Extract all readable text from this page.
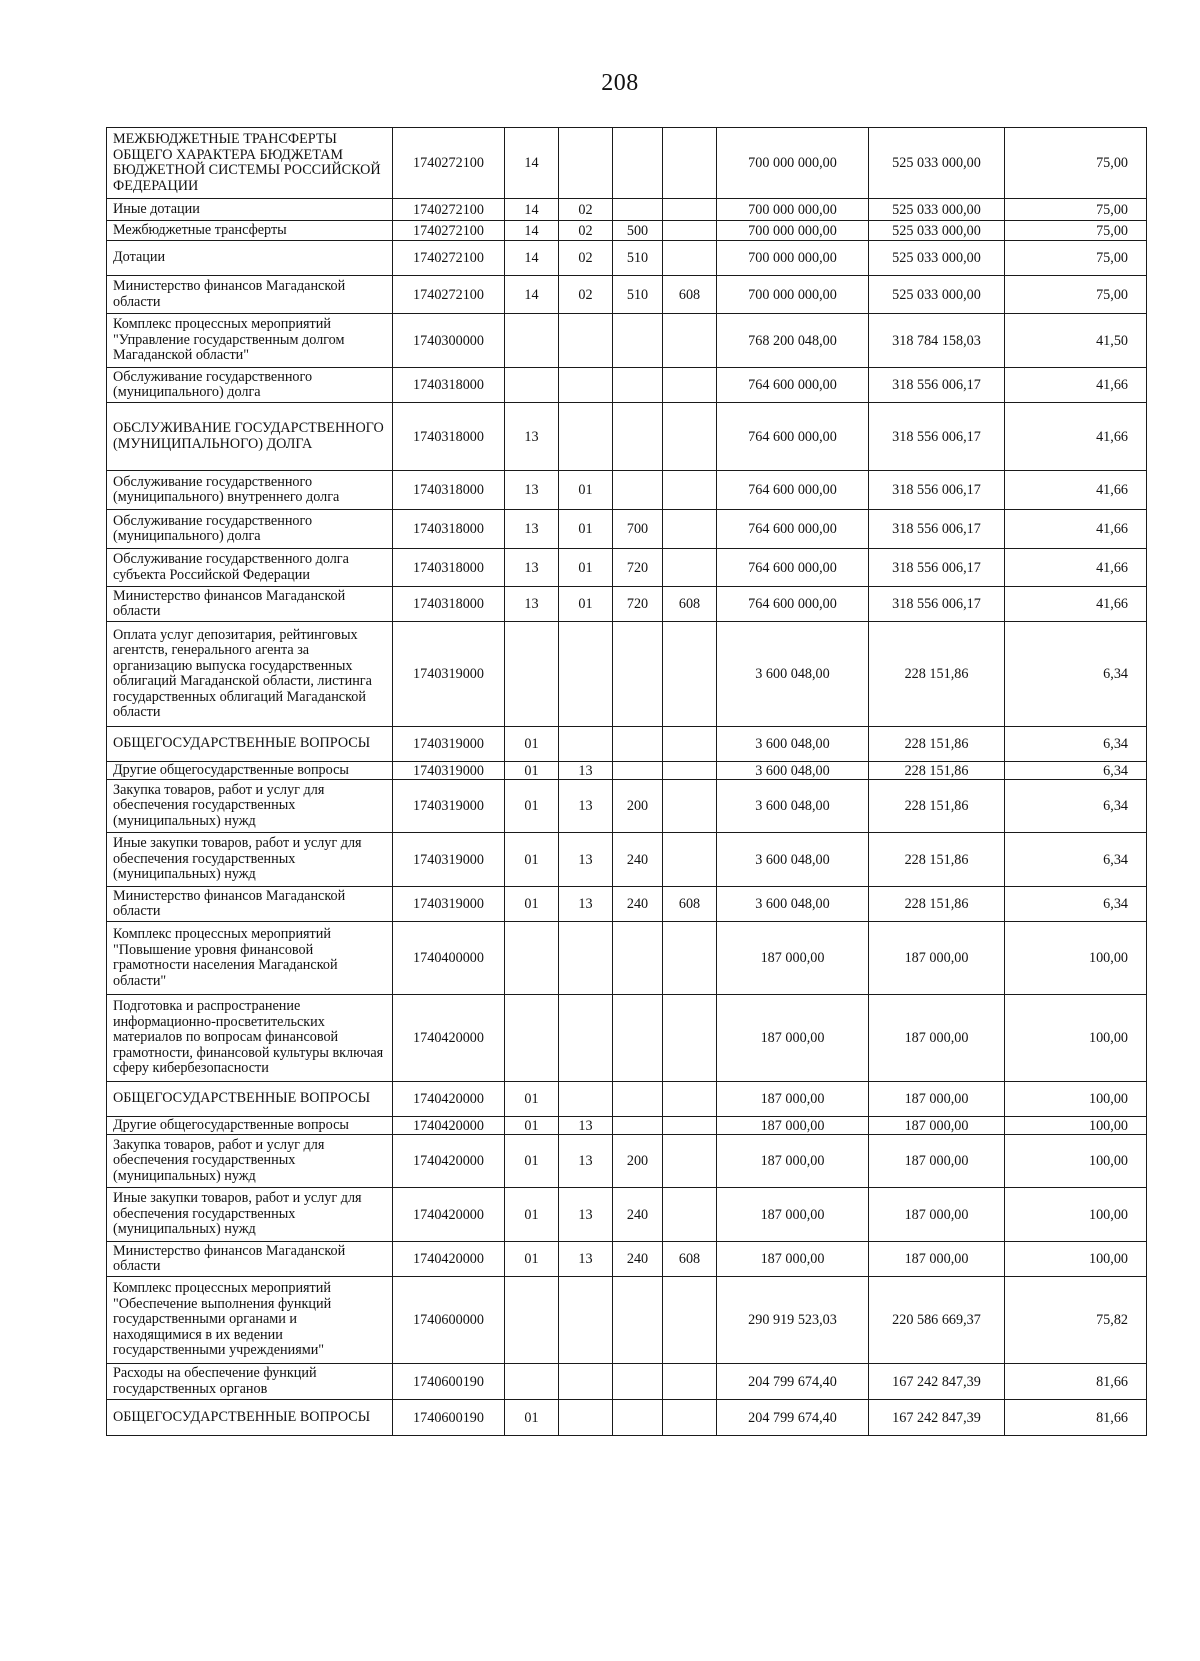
208
МЕЖБЮДЖЕТНЫЕ ТРАНСФЕРТЫ ОБЩЕГО ХАРАКТЕРА БЮДЖЕТАМ БЮДЖЕТНОЙ СИСТЕМЫ РОССИЙСКОЙ ФЕДЕРАЦИИ	1740272100	14				700 000 000,00	525 033 000,00	75,00
Иные дотации	1740272100	14	02			700 000 000,00	525 033 000,00	75,00
Межбюджетные трансферты	1740272100	14	02	500		700 000 000,00	525 033 000,00	75,00
Дотации	1740272100	14	02	510		700 000 000,00	525 033 000,00	75,00
Министерство финансов Магаданской области	1740272100	14	02	510	608	700 000 000,00	525 033 000,00	75,00
Комплекс процессных мероприятий "Управление государственным долгом Магаданской области"	1740300000					768 200 048,00	318 784 158,03	41,50
Обслуживание государственного (муниципального) долга	1740318000					764 600 000,00	318 556 006,17	41,66
ОБСЛУЖИВАНИЕ ГОСУДАРСТВЕННОГО (МУНИЦИПАЛЬНОГО) ДОЛГА	1740318000	13				764 600 000,00	318 556 006,17	41,66
Обслуживание государственного (муниципального) внутреннего долга	1740318000	13	01			764 600 000,00	318 556 006,17	41,66
Обслуживание государственного (муниципального) долга	1740318000	13	01	700		764 600 000,00	318 556 006,17	41,66
Обслуживание государственного долга субъекта Российской Федерации	1740318000	13	01	720		764 600 000,00	318 556 006,17	41,66
Министерство финансов Магаданской области	1740318000	13	01	720	608	764 600 000,00	318 556 006,17	41,66
Оплата услуг депозитария, рейтинговых агентств, генерального агента за организацию выпуска государственных облигаций Магаданской области, листинга государственных облигаций Магаданской области	1740319000					3 600 048,00	228 151,86	6,34
ОБЩЕГОСУДАРСТВЕННЫЕ ВОПРОСЫ	1740319000	01				3 600 048,00	228 151,86	6,34
Другие общегосударственные вопросы	1740319000	01	13			3 600 048,00	228 151,86	6,34
Закупка товаров, работ и услуг для обеспечения государственных (муниципальных) нужд	1740319000	01	13	200		3 600 048,00	228 151,86	6,34
Иные закупки товаров, работ и услуг для обеспечения государственных (муниципальных) нужд	1740319000	01	13	240		3 600 048,00	228 151,86	6,34
Министерство финансов Магаданской области	1740319000	01	13	240	608	3 600 048,00	228 151,86	6,34
Комплекс процессных мероприятий "Повышение уровня финансовой грамотности населения Магаданской области"	1740400000					187 000,00	187 000,00	100,00
Подготовка и распространение информационно-просветительских материалов по вопросам финансовой грамотности, финансовой культуры включая сферу кибербезопасности	1740420000					187 000,00	187 000,00	100,00
ОБЩЕГОСУДАРСТВЕННЫЕ ВОПРОСЫ	1740420000	01				187 000,00	187 000,00	100,00
Другие общегосударственные вопросы	1740420000	01	13			187 000,00	187 000,00	100,00
Закупка товаров, работ и услуг для обеспечения государственных (муниципальных) нужд	1740420000	01	13	200		187 000,00	187 000,00	100,00
Иные закупки товаров, работ и услуг для обеспечения государственных (муниципальных) нужд	1740420000	01	13	240		187 000,00	187 000,00	100,00
Министерство финансов Магаданской области	1740420000	01	13	240	608	187 000,00	187 000,00	100,00
Комплекс процессных мероприятий "Обеспечение выполнения функций государственными органами и находящимися в их ведении государственными учреждениями"	1740600000					290 919 523,03	220 586 669,37	75,82
Расходы на обеспечение функций государственных органов	1740600190					204 799 674,40	167 242 847,39	81,66
ОБЩЕГОСУДАРСТВЕННЫЕ ВОПРОСЫ	1740600190	01				204 799 674,40	167 242 847,39	81,66
